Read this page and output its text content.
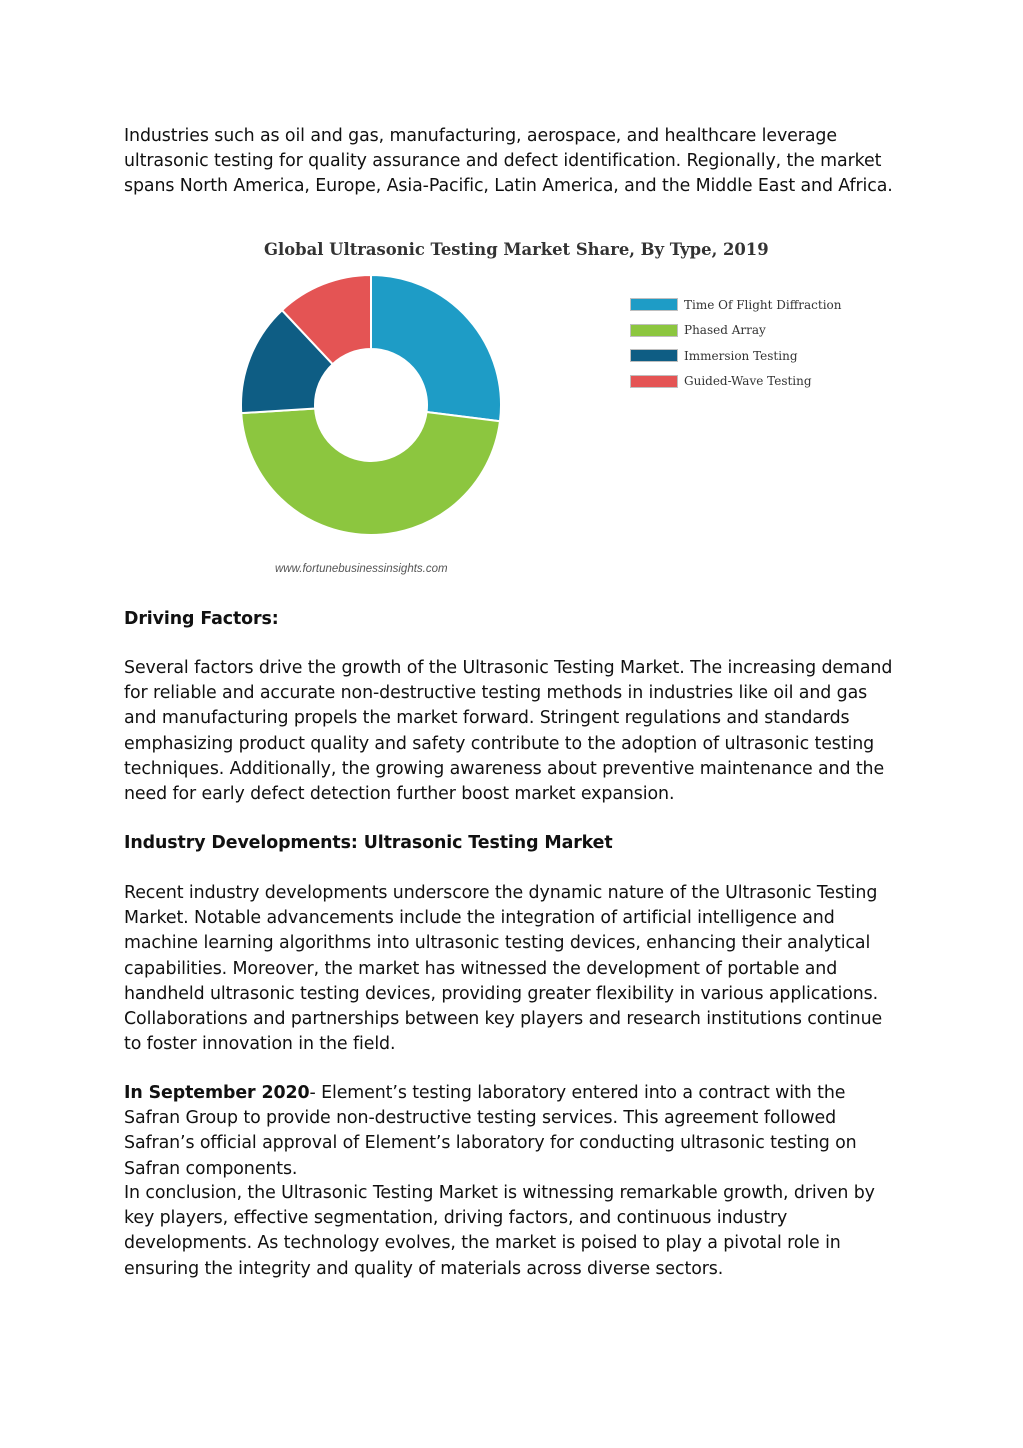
Industries such as oil and gas, manufacturing, aerospace, and healthcare leverage ultrasonic testing for quality assurance and defect identification. Regionally, the market spans North America, Europe, Asia-Pacific, Latin America, and the Middle East and Africa.

Global Ultrasonic Testing Market Share, By Type, 2019

Time Of Flight Diffraction
Phased Array
Immersion Testing
Guided-Wave Testing

www.fortunebusinessinsights.com

Driving Factors:

Several factors drive the growth of the Ultrasonic Testing Market. The increasing demand for reliable and accurate non-destructive testing methods in industries like oil and gas and manufacturing propels the market forward. Stringent regulations and standards emphasizing product quality and safety contribute to the adoption of ultrasonic testing techniques. Additionally, the growing awareness about preventive maintenance and the need for early defect detection further boost market expansion.

Industry Developments: Ultrasonic Testing Market

Recent industry developments underscore the dynamic nature of the Ultrasonic Testing Market. Notable advancements include the integration of artificial intelligence and machine learning algorithms into ultrasonic testing devices, enhancing their analytical capabilities. Moreover, the market has witnessed the development of portable and handheld ultrasonic testing devices, providing greater flexibility in various applications. Collaborations and partnerships between key players and research institutions continue to foster innovation in the field.

In September 2020- Element’s testing laboratory entered into a contract with the Safran Group to provide non-destructive testing services. This agreement followed Safran’s official approval of Element’s laboratory for conducting ultrasonic testing on Safran components.

In conclusion, the Ultrasonic Testing Market is witnessing remarkable growth, driven by key players, effective segmentation, driving factors, and continuous industry developments. As technology evolves, the market is poised to play a pivotal role in ensuring the integrity and quality of materials across diverse sectors.
